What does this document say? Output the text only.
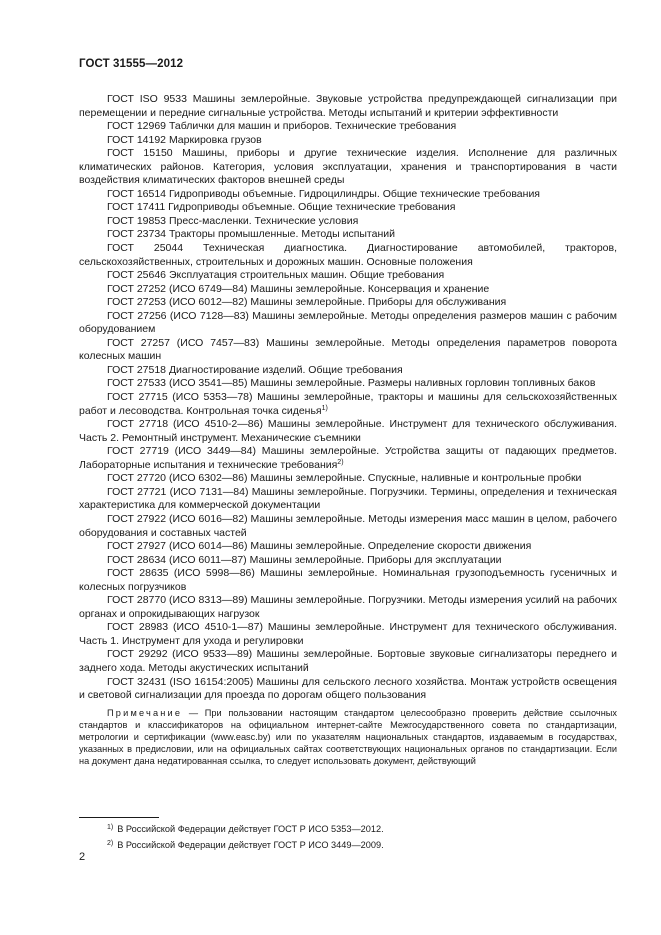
ГОСТ 31555—2012

ГОСТ ISO 9533 Машины землеройные. Звуковые устройства предупреждающей сигнализации при перемещении и передние сигнальные устройства. Методы испытаний и критерии эффективности

ГОСТ 12969 Таблички для машин и приборов. Технические требования

ГОСТ 14192 Маркировка грузов

ГОСТ 15150 Машины, приборы и другие технические изделия. Исполнение для различных климатических районов. Категория, условия эксплуатации, хранения и транспортирования в части воздействия климатических факторов внешней среды

ГОСТ 16514 Гидроприводы объемные. Гидроцилиндры. Общие технические требования

ГОСТ 17411 Гидроприводы объемные. Общие технические требования

ГОСТ 19853 Пресс-масленки. Технические условия

ГОСТ 23734 Тракторы промышленные. Методы испытаний

ГОСТ 25044 Техническая диагностика. Диагностирование автомобилей, тракторов, сельскохозяйственных, строительных и дорожных машин. Основные положения

ГОСТ 25646 Эксплуатация строительных машин. Общие требования

ГОСТ 27252 (ИСО 6749—84) Машины землеройные. Консервация и хранение

ГОСТ 27253 (ИСО 6012—82) Машины землеройные. Приборы для обслуживания

ГОСТ 27256 (ИСО 7128—83) Машины землеройные. Методы определения размеров машин с рабочим оборудованием

ГОСТ 27257 (ИСО 7457—83) Машины землеройные. Методы определения параметров поворота колесных машин

ГОСТ 27518 Диагностирование изделий. Общие требования

ГОСТ 27533 (ИСО 3541—85) Машины землеройные. Размеры наливных горловин топливных баков

ГОСТ 27715 (ИСО 5353—78) Машины землеройные, тракторы и машины для сельскохозяйственных работ и лесоводства. Контрольная точка сиденья$^{1)}$

ГОСТ 27718 (ИСО 4510-2—86) Машины землеройные. Инструмент для технического обслуживания. Часть 2. Ремонтный инструмент. Механические съемники

ГОСТ 27719 (ИСО 3449—84) Машины землеройные. Устройства защиты от падающих предметов. Лабораторные испытания и технические требования$^{2)}$

ГОСТ 27720 (ИСО 6302—86) Машины землеройные. Спускные, наливные и контрольные пробки

ГОСТ 27721 (ИСО 7131—84) Машины землеройные. Погрузчики. Термины, определения и техническая характеристика для коммерческой документации

ГОСТ 27922 (ИСО 6016—82) Машины землеройные. Методы измерения масс машин в целом, рабочего оборудования и составных частей

ГОСТ 27927 (ИСО 6014—86) Машины землеройные. Определение скорости движения

ГОСТ 28634 (ИСО 6011—87) Машины землеройные. Приборы для эксплуатации

ГОСТ 28635 (ИСО 5998—86) Машины землеройные. Номинальная грузоподъемность гусеничных и колесных погрузчиков

ГОСТ 28770 (ИСО 8313—89) Машины землеройные. Погрузчики. Методы измерения усилий на рабочих органах и опрокидывающих нагрузок

ГОСТ 28983 (ИСО 4510-1—87) Машины землеройные. Инструмент для технического обслуживания. Часть 1. Инструмент для ухода и регулировки

ГОСТ 29292 (ИСО 9533—89) Машины землеройные. Бортовые звуковые сигнализаторы переднего и заднего хода. Методы акустических испытаний

ГОСТ 32431 (ISO 16154:2005) Машины для сельского лесного хозяйства. Монтаж устройств освещения и световой сигнализации для проезда по дорогам общего пользования

Примечание — При пользовании настоящим стандартом целесообразно проверить действие ссылочных стандартов и классификаторов на официальном интернет-сайте Межгосударственного совета по стандартизации, метрологии и сертификации (www.easc.by) или по указателям национальных стандартов, издаваемым в государствах, указанных в предисловии, или на официальных сайтах соответствующих национальных органов по стандартизации. Если на документ дана недатированная ссылка, то следует использовать документ, действующий

$^{1)}$ В Российской Федерации действует ГОСТ Р ИСО 5353—2012.

$^{2)}$ В Российской Федерации действует ГОСТ Р ИСО 3449—2009.

2
